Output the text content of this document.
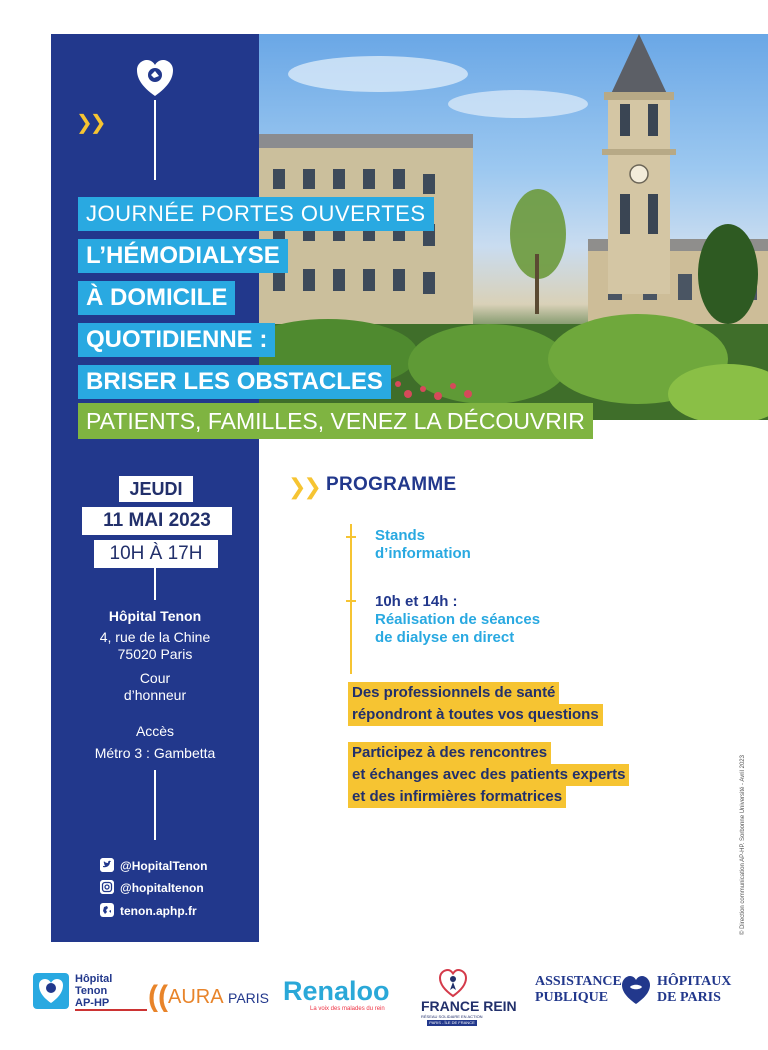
❯❯
JOURNÉE PORTES OUVERTES
L’HÉMODIALYSE
À DOMICILE
QUOTIDIENNE :
BRISER LES OBSTACLES
PATIENTS, FAMILLES, VENEZ LA DÉCOUVRIR
JEUDI
11 MAI 2023
10H À 17H
Hôpital Tenon
4, rue de la Chine
75020 Paris
Cour
d’honneur
Accès
Métro 3 : Gambetta
@HopitalTenon
@hopitaltenon
tenon.aphp.fr
❯❯ PROGRAMME
Stands
d’information
10h et 14h :
Réalisation de séances
de dialyse en direct
Des professionnels de santé
répondront à toutes vos questions
Participez à des rencontres
et échanges avec des patients experts
et des infirmières formatrices	© Direction communication AP-HP. Sorbonne Université - Avril 2023
Hôpital
Tenon
AP-HP ((AURA PARIS Renaloo
La voix des malades du rein	FRANCE REIN
RÉSEAU SOLIDAIRE EN ACTION
PARIS - ÎLE DE FRANCE
ASSISTANCE
PUBLIQUE
HÔPITAUX
DE PARIS
